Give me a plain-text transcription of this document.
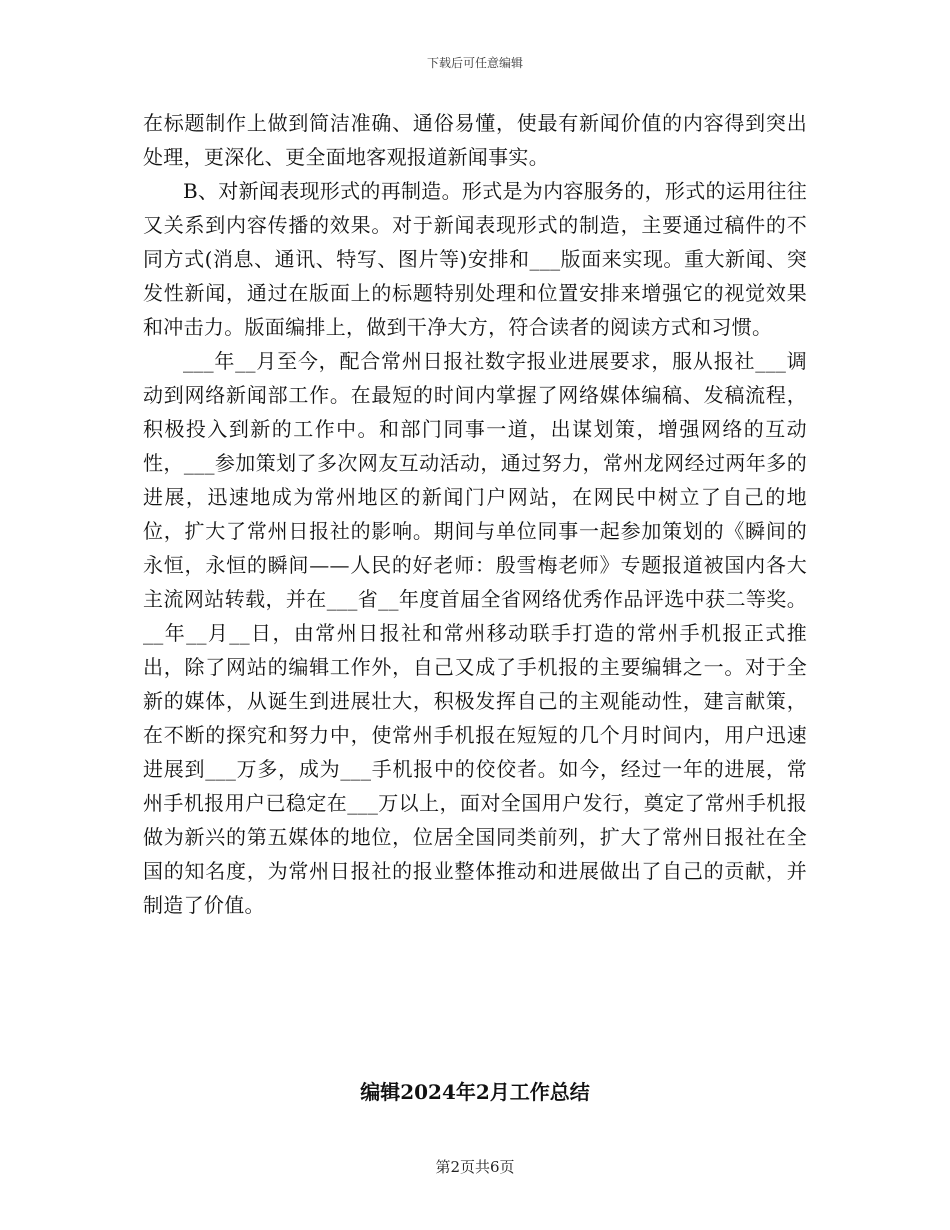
下载后可任意编辑

在标题制作上做到简洁准确、通俗易懂，使最有新闻价值的内容得到突出处理，更深化、更全面地客观报道新闻事实。

B、对新闻表现形式的再制造。形式是为内容服务的，形式的运用往往又关系到内容传播的效果。对于新闻表现形式的制造，主要通过稿件的不同方式(消息、通讯、特写、图片等)安排和___版面来实现。重大新闻、突发性新闻，通过在版面上的标题特别处理和位置安排来增强它的视觉效果和冲击力。版面编排上，做到干净大方，符合读者的阅读方式和习惯。

___年__月至今，配合常州日报社数字报业进展要求，服从报社___调动到网络新闻部工作。在最短的时间内掌握了网络媒体编稿、发稿流程，积极投入到新的工作中。和部门同事一道，出谋划策，增强网络的互动性，___参加策划了多次网友互动活动，通过努力，常州龙网经过两年多的进展，迅速地成为常州地区的新闻门户网站，在网民中树立了自己的地位，扩大了常州日报社的影响。期间与单位同事一起参加策划的《瞬间的永恒，永恒的瞬间——人民的好老师：殷雪梅老师》专题报道被国内各大主流网站转载，并在___省__年度首届全省网络优秀作品评选中获二等奖。__年__月__日，由常州日报社和常州移动联手打造的常州手机报正式推出，除了网站的编辑工作外，自己又成了手机报的主要编辑之一。对于全新的媒体，从诞生到进展壮大，积极发挥自己的主观能动性，建言献策，在不断的探究和努力中，使常州手机报在短短的几个月时间内，用户迅速进展到___万多，成为___手机报中的佼佼者。如今，经过一年的进展，常州手机报用户已稳定在___万以上，面对全国用户发行，奠定了常州手机报做为新兴的第五媒体的地位，位居全国同类前列，扩大了常州日报社在全国的知名度，为常州日报社的报业整体推动和进展做出了自己的贡献，并制造了价值。

编辑2024年2月工作总结
第2页共6页
